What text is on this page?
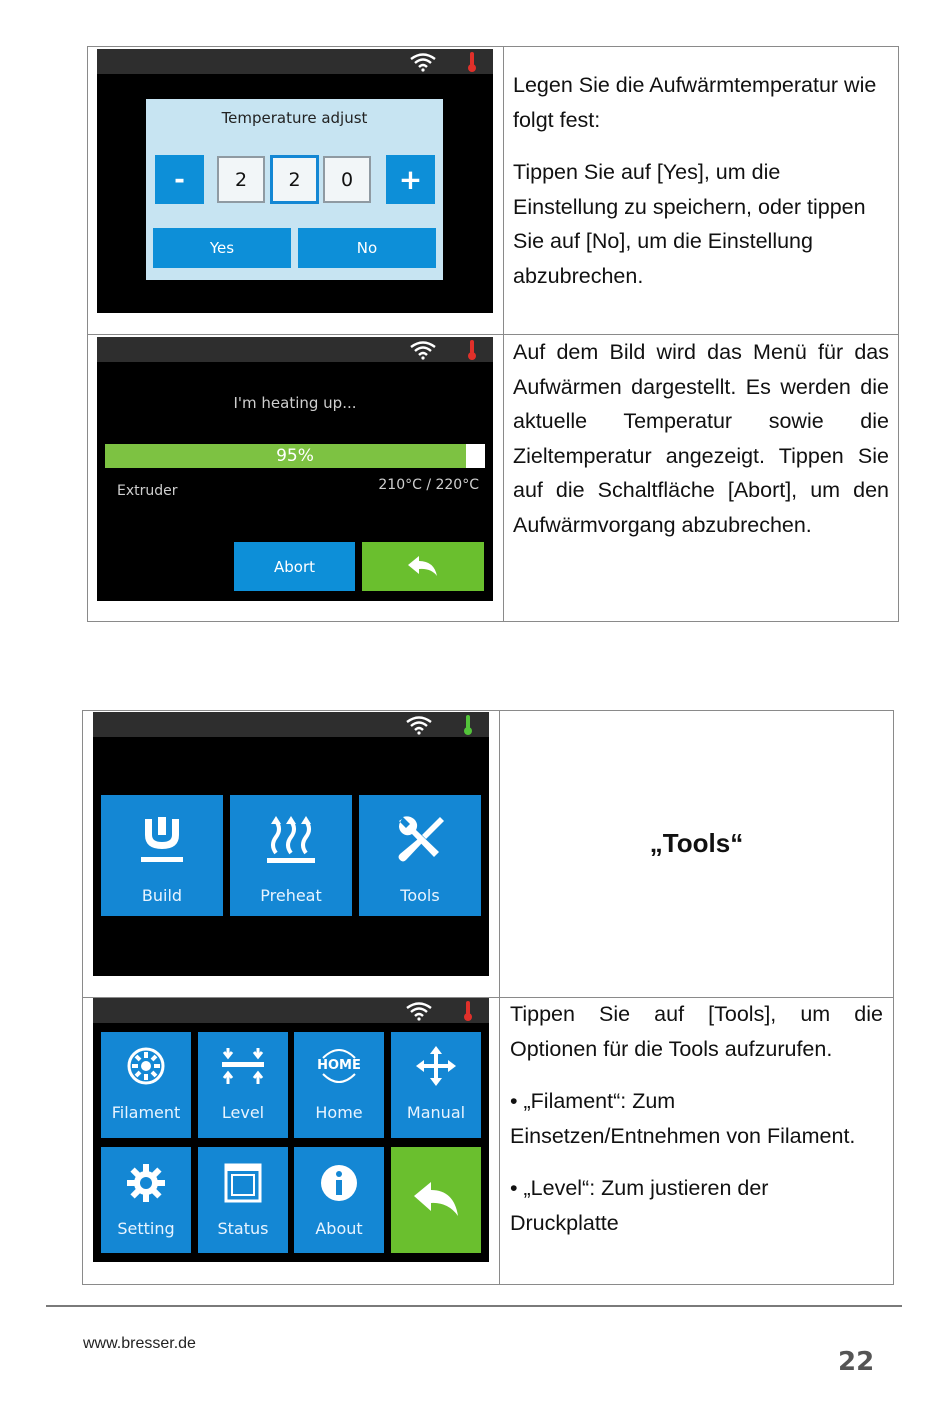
Temperature adjust
-	2	2	0	+
Yes	No

Legen Sie die Aufwärmtemperatur wie folgt fest:

Tippen Sie auf [Yes], um die Einstellung zu speichern, oder tippen Sie auf [No], um die Einstellung abzubrechen.

I'm heating up...
95%
Extruder	210°C / 220°C
Abort

Auf dem Bild wird das Menü für das Aufwärmen dargestellt. Es werden die aktuelle Temperatur sowie die Zieltemperatur angezeigt. Tippen Sie auf die Schaltfläche [Abort], um den Aufwärmvorgang abzubrechen.

Build	Preheat	Tools
„Tools“
Filament	Level
HOME
Home	Manual
Setting	Status	About

Tippen Sie auf [Tools], um die Optionen für die Tools aufzurufen.

• „Filament“: Zum Einsetzen/Entnehmen von Filament.

• „Level“: Zum justieren der Druckplatte

www.bresser.de
22
